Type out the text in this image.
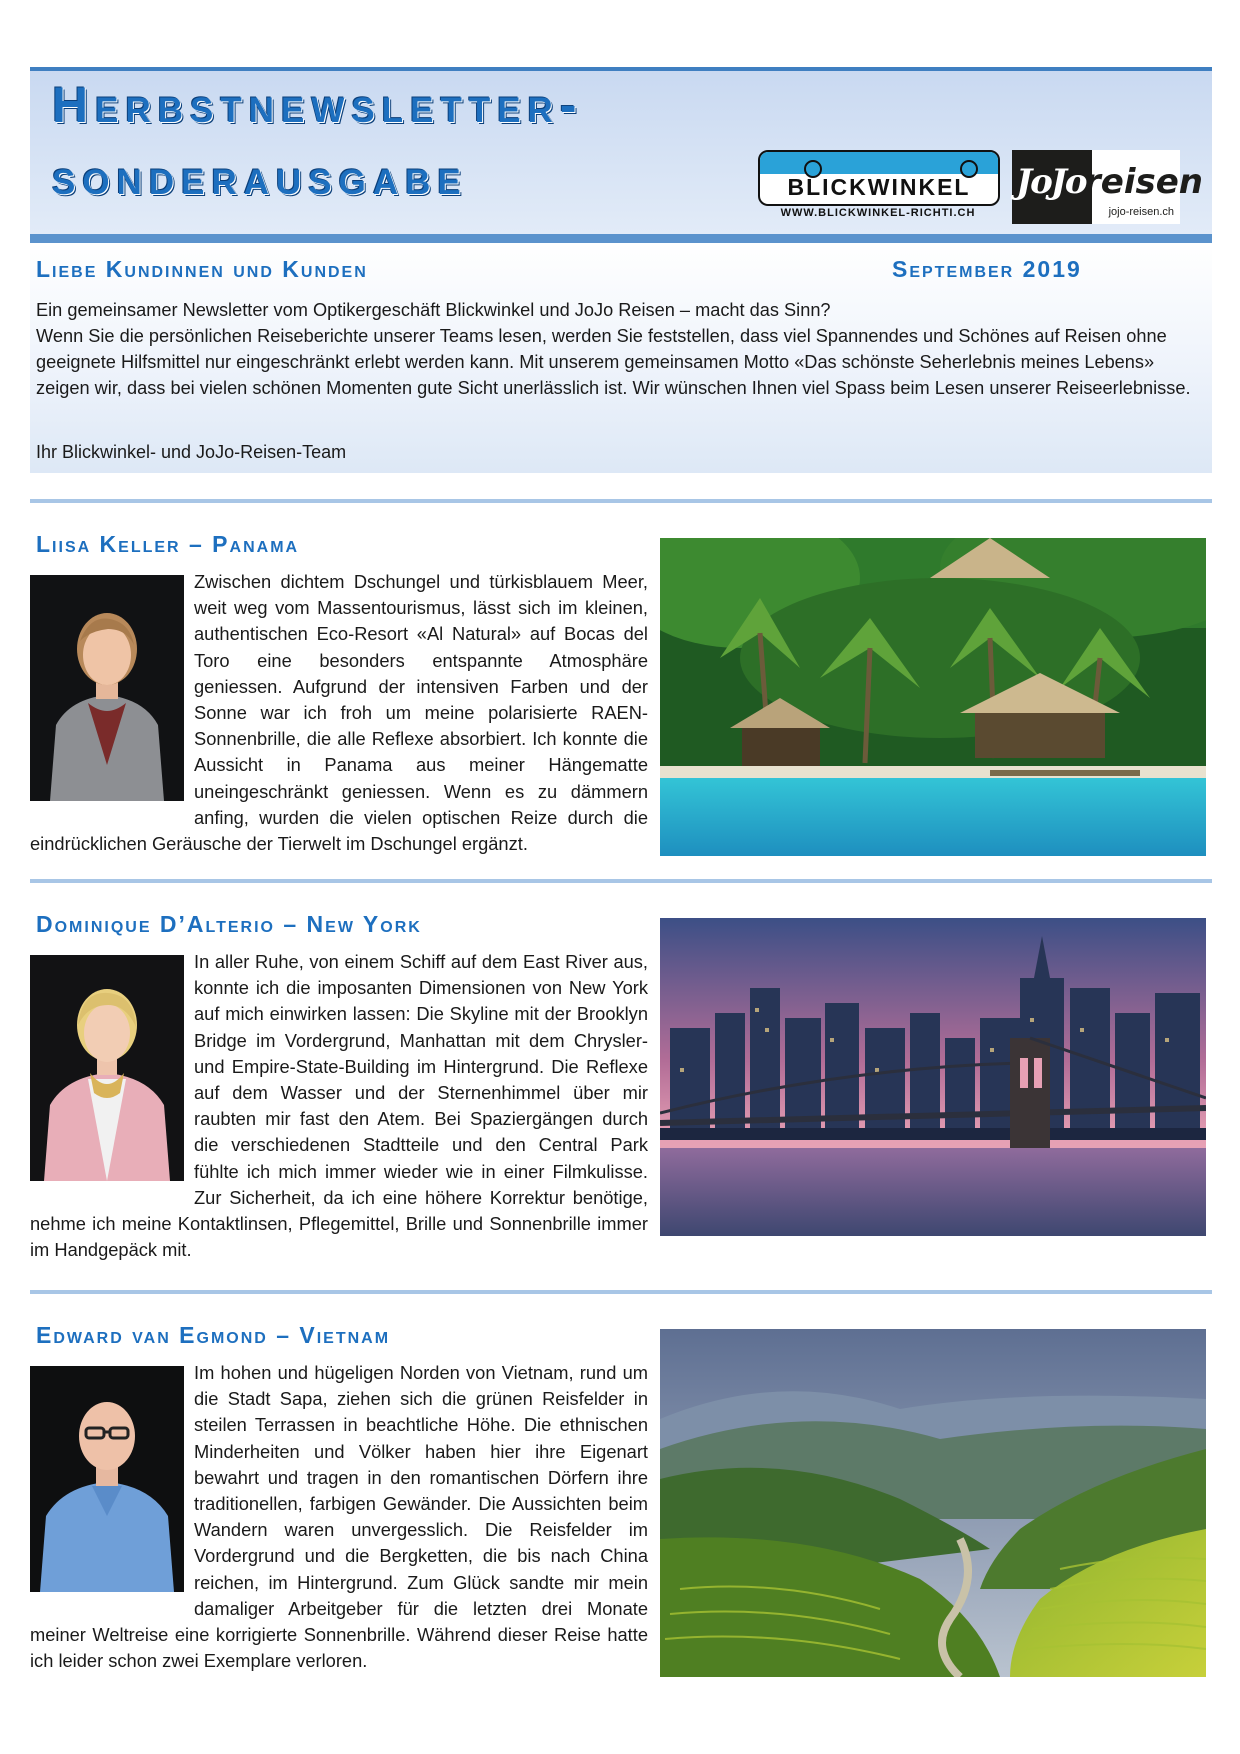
Herbstnewsletter-
sonderausgabe	BLICKWINKEL
WWW.BLICKWINKEL-RICHTI.CH
JoJo
reisen
jojo-reisen.ch
Liebe Kundinnen und Kunden	September 2019

Ein gemeinsamer Newsletter vom Optikergeschäft Blickwinkel und JoJo Reisen – macht das Sinn?

Wenn Sie die persönlichen Reiseberichte unserer Teams lesen, werden Sie feststellen, dass viel Spannendes und Schönes auf Reisen ohne geeignete Hilfsmittel nur eingeschränkt erlebt werden kann. Mit unserem gemeinsamen Motto «Das schönste Seherlebnis meines Lebens» zeigen wir, dass bei vielen schönen Momenten gute Sicht unerlässlich ist. Wir wünschen Ihnen viel Spass beim Lesen unserer Reiseerlebnisse.

Ihr Blickwinkel- und JoJo-Reisen-Team
Liisa Keller – Panama
Zwischen dichtem Dschungel und türkisblauem Meer, weit weg vom Massentourismus, lässt sich im kleinen, authentischen Eco-Resort «Al Natural» auf Bocas del Toro eine besonders entspannte Atmosphäre geniessen. Aufgrund der intensiven Farben und der Sonne war ich froh um meine polarisierte RAEN-Sonnenbrille, die alle Reflexe absorbiert. Ich konnte die Aussicht in Panama aus meiner Hängematte uneingeschränkt geniessen. Wenn es zu dämmern anfing, wurden die vielen optischen Reize durch die eindrücklichen Geräusche der Tierwelt im Dschungel ergänzt.
Dominique D’Alterio – New York
In aller Ruhe, von einem Schiff auf dem East River aus, konnte ich die imposanten Dimensionen von New York auf mich einwirken lassen: Die Skyline mit der Brooklyn Bridge im Vordergrund, Manhattan mit dem Chrysler- und Empire-State-Building im Hintergrund. Die Reflexe auf dem Wasser und der Sternenhimmel über mir raubten mir fast den Atem. Bei Spaziergängen durch die verschiedenen Stadtteile und den Central Park fühlte ich mich immer wieder wie in einer Filmkulisse. Zur Sicherheit, da ich eine höhere Korrektur benötige, nehme ich meine Kontaktlinsen, Pflegemittel, Brille und Sonnenbrille immer im Handgepäck mit.
Edward van Egmond – Vietnam
Im hohen und hügeligen Norden von Vietnam, rund um die Stadt Sapa, ziehen sich die grünen Reisfelder in steilen Terrassen in beachtliche Höhe. Die ethnischen Minderheiten und Völker haben hier ihre Eigenart bewahrt und tragen in den romantischen Dörfern ihre traditionellen, farbigen Gewänder. Die Aussichten beim Wandern waren unvergesslich. Die Reisfelder im Vordergrund und die Bergketten, die bis nach China reichen, im Hintergrund. Zum Glück sandte mir mein damaliger Arbeitgeber für die letzten drei Monate meiner Weltreise eine korrigierte Sonnenbrille. Während dieser Reise hatte ich leider schon zwei Exemplare verloren.
